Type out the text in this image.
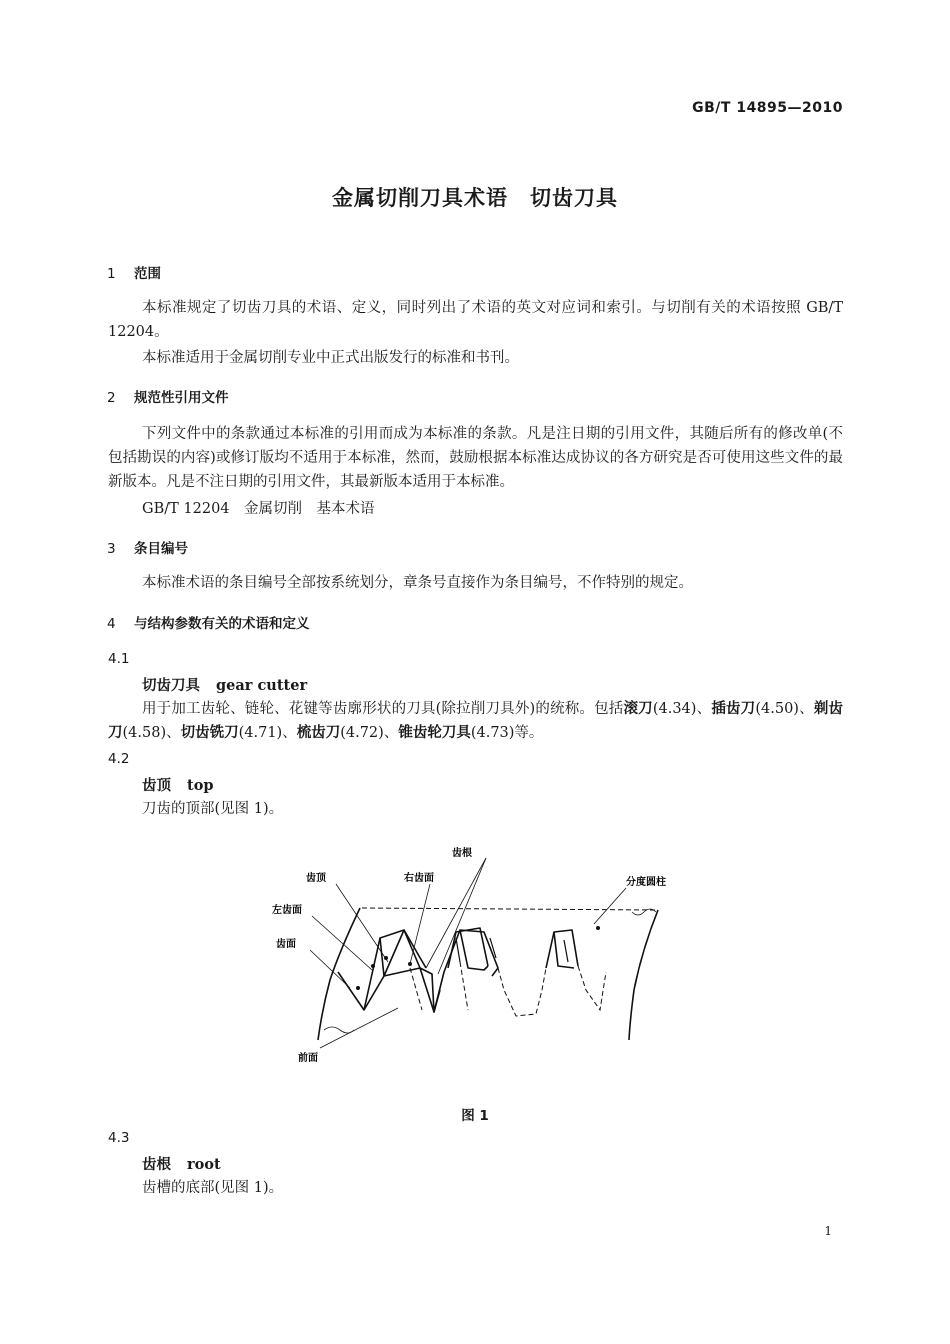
GB/T 14895—2010
金属切削刀具术语　切齿刀具
1 范围
本标准规定了切齿刀具的术语、定义，同时列出了术语的英文对应词和索引。与切削有关的术语按照 GB/T 12204。
本标准适用于金属切削专业中正式出版发行的标准和书刊。
2 规范性引用文件
下列文件中的条款通过本标准的引用而成为本标准的条款。凡是注日期的引用文件，其随后所有的修改单(不包括勘误的内容)或修订版均不适用于本标准，然而，鼓励根据本标准达成协议的各方研究是否可使用这些文件的最新版本。凡是不注日期的引用文件，其最新版本适用于本标准。
GB/T 12204　金属切削　基本术语
3 条目编号
本标准术语的条目编号全部按系统划分，章条号直接作为条目编号，不作特别的规定。
4 与结构参数有关的术语和定义
4.1
切齿刀具 gear cutter
用于加工齿轮、链轮、花键等齿廓形状的刀具(除拉削刀具外)的统称。包括滚刀(4.34)、插齿刀(4.50)、剃齿刀(4.58)、切齿铣刀(4.71)、梳齿刀(4.72)、锥齿轮刀具(4.73)等。
4.2
齿顶 top
刀齿的顶部(见图 1)。
齿根
齿顶	右齿面	分度圆柱
左齿面
齿面
前面
图 1
4.3
齿根 root
齿槽的底部(见图 1)。
1
